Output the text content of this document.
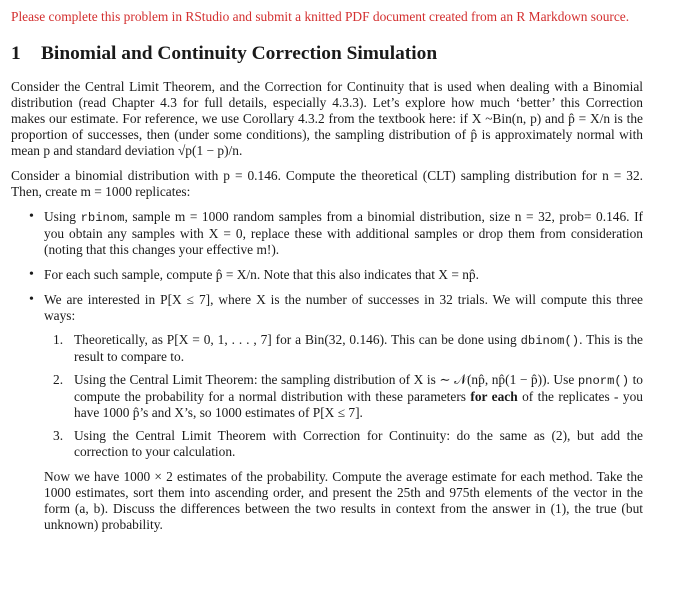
Please complete this problem in RStudio and submit a knitted PDF document created from an R Markdown source.

1 Binomial and Continuity Correction Simulation

Consider the Central Limit Theorem, and the Correction for Continuity that is used when dealing with a Binomial distribution (read Chapter 4.3 for full details, especially 4.3.3). Let’s explore how much ‘better’ this Correction makes our estimate. For reference, we use Corollary 4.3.2 from the textbook here: if X ~Bin(n, p) and p̂ = X/n is the proportion of successes, then (under some conditions), the sampling distribution of p̂ is approximately normal with mean p and standard deviation √p(1 − p)/n.

Consider a binomial distribution with p = 0.146. Compute the theoretical (CLT) sampling distribution for n = 32. Then, create m = 1000 replicates:

• Using rbinom, sample m = 1000 random samples from a binomial distribution, size n = 32, prob= 0.146. If you obtain any samples with X = 0, replace these with additional samples or drop them from consideration (noting that this changes your effective m!).
• For each such sample, compute p̂ = X/n. Note that this also indicates that X = np̂.
• We are interested in P[X ≤ 7], where X is the number of successes in 32 trials. We will compute this three ways:
1. Theoretically, as P[X = 0, 1, . . . , 7] for a Bin(32, 0.146). This can be done using dbinom(). This is the result to compare to.
2. Using the Central Limit Theorem: the sampling distribution of X is ∼ 𝒩(np̂, np̂(1 − p̂)). Use pnorm() to compute the probability for a normal distribution with these parameters for each of the replicates - you have 1000 p̂’s and X’s, so 1000 estimates of P[X ≤ 7].
3. Using the Central Limit Theorem with Correction for Continuity: do the same as (2), but add the correction to your calculation.

Now we have 1000 × 2 estimates of the probability. Compute the average estimate for each method. Take the 1000 estimates, sort them into ascending order, and present the 25th and 975th elements of the vector in the form (a, b). Discuss the differences between the two results in context from the answer in (1), the true (but unknown) probability.
